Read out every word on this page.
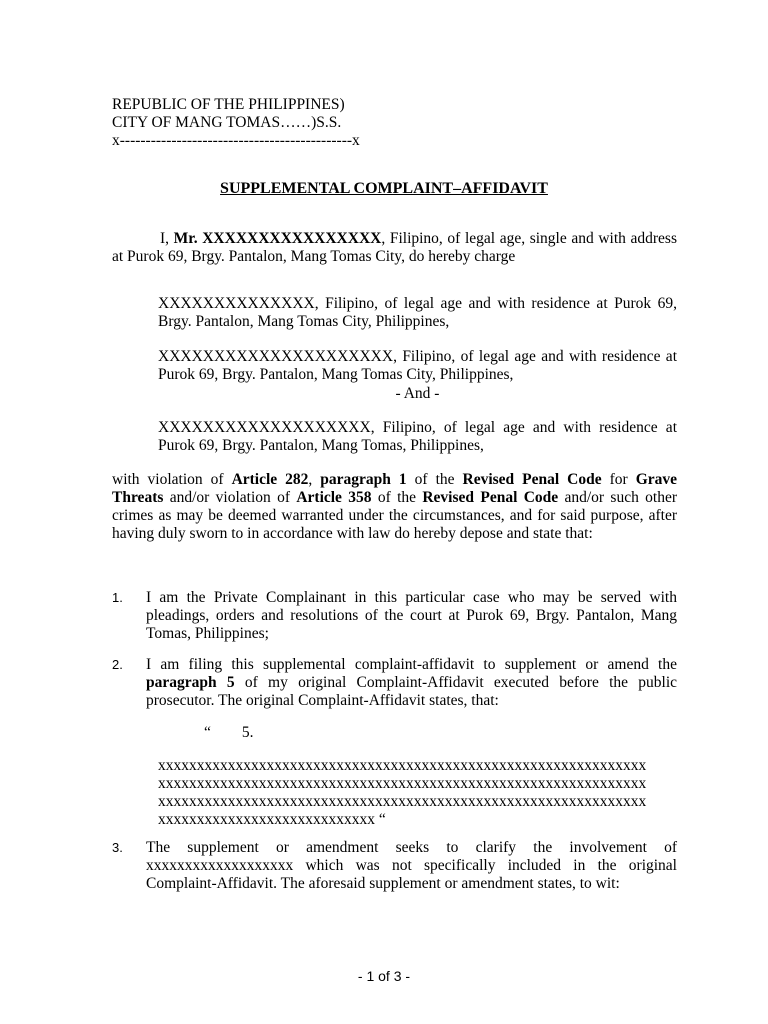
REPUBLIC OF THE PHILIPPINES)
CITY OF MANG TOMAS……)S.S.
x---------------------------------------------x
SUPPLEMENTAL COMPLAINT–AFFIDAVIT
I, Mr. XXXXXXXXXXXXXXXX, Filipino, of legal age, single and with address at Purok 69, Brgy. Pantalon, Mang Tomas City, do hereby charge
XXXXXXXXXXXXXX, Filipino, of legal age and with residence at Purok 69, Brgy. Pantalon, Mang Tomas City, Philippines,
XXXXXXXXXXXXXXXXXXXXX, Filipino, of legal age and with residence at Purok 69, Brgy. Pantalon, Mang Tomas City, Philippines,
- And -
XXXXXXXXXXXXXXXXXXX, Filipino, of legal age and with residence at Purok 69, Brgy. Pantalon, Mang Tomas, Philippines,
with violation of Article 282, paragraph 1 of the Revised Penal Code for Grave Threats and/or violation of Article 358 of the Revised Penal Code and/or such other crimes as may be deemed warranted under the circumstances, and for said purpose, after having duly sworn to in accordance with law do hereby depose and state that:
1.	I am the Private Complainant in this particular case who may be served with pleadings, orders and resolutions of the court at Purok 69, Brgy. Pantalon, Mang Tomas, Philippines;
2.	I am filing this supplemental complaint-affidavit to supplement or amend the paragraph 5 of my original Complaint-Affidavit executed before the public prosecutor. The original Complaint-Affidavit states, that:
“        5.
xxxxxxxxxxxxxxxxxxxxxxxxxxxxxxxxxxxxxxxxxxxxxxxxxxxxxxxxxxxxxxx
xxxxxxxxxxxxxxxxxxxxxxxxxxxxxxxxxxxxxxxxxxxxxxxxxxxxxxxxxxxxxxx
xxxxxxxxxxxxxxxxxxxxxxxxxxxxxxxxxxxxxxxxxxxxxxxxxxxxxxxxxxxxxxx
xxxxxxxxxxxxxxxxxxxxxxxxxxxx “
3.	The supplement or amendment seeks to clarify the involvement of xxxxxxxxxxxxxxxxxxx which was not specifically included in the original Complaint-Affidavit. The aforesaid supplement or amendment states, to wit:
- 1 of 3 -
